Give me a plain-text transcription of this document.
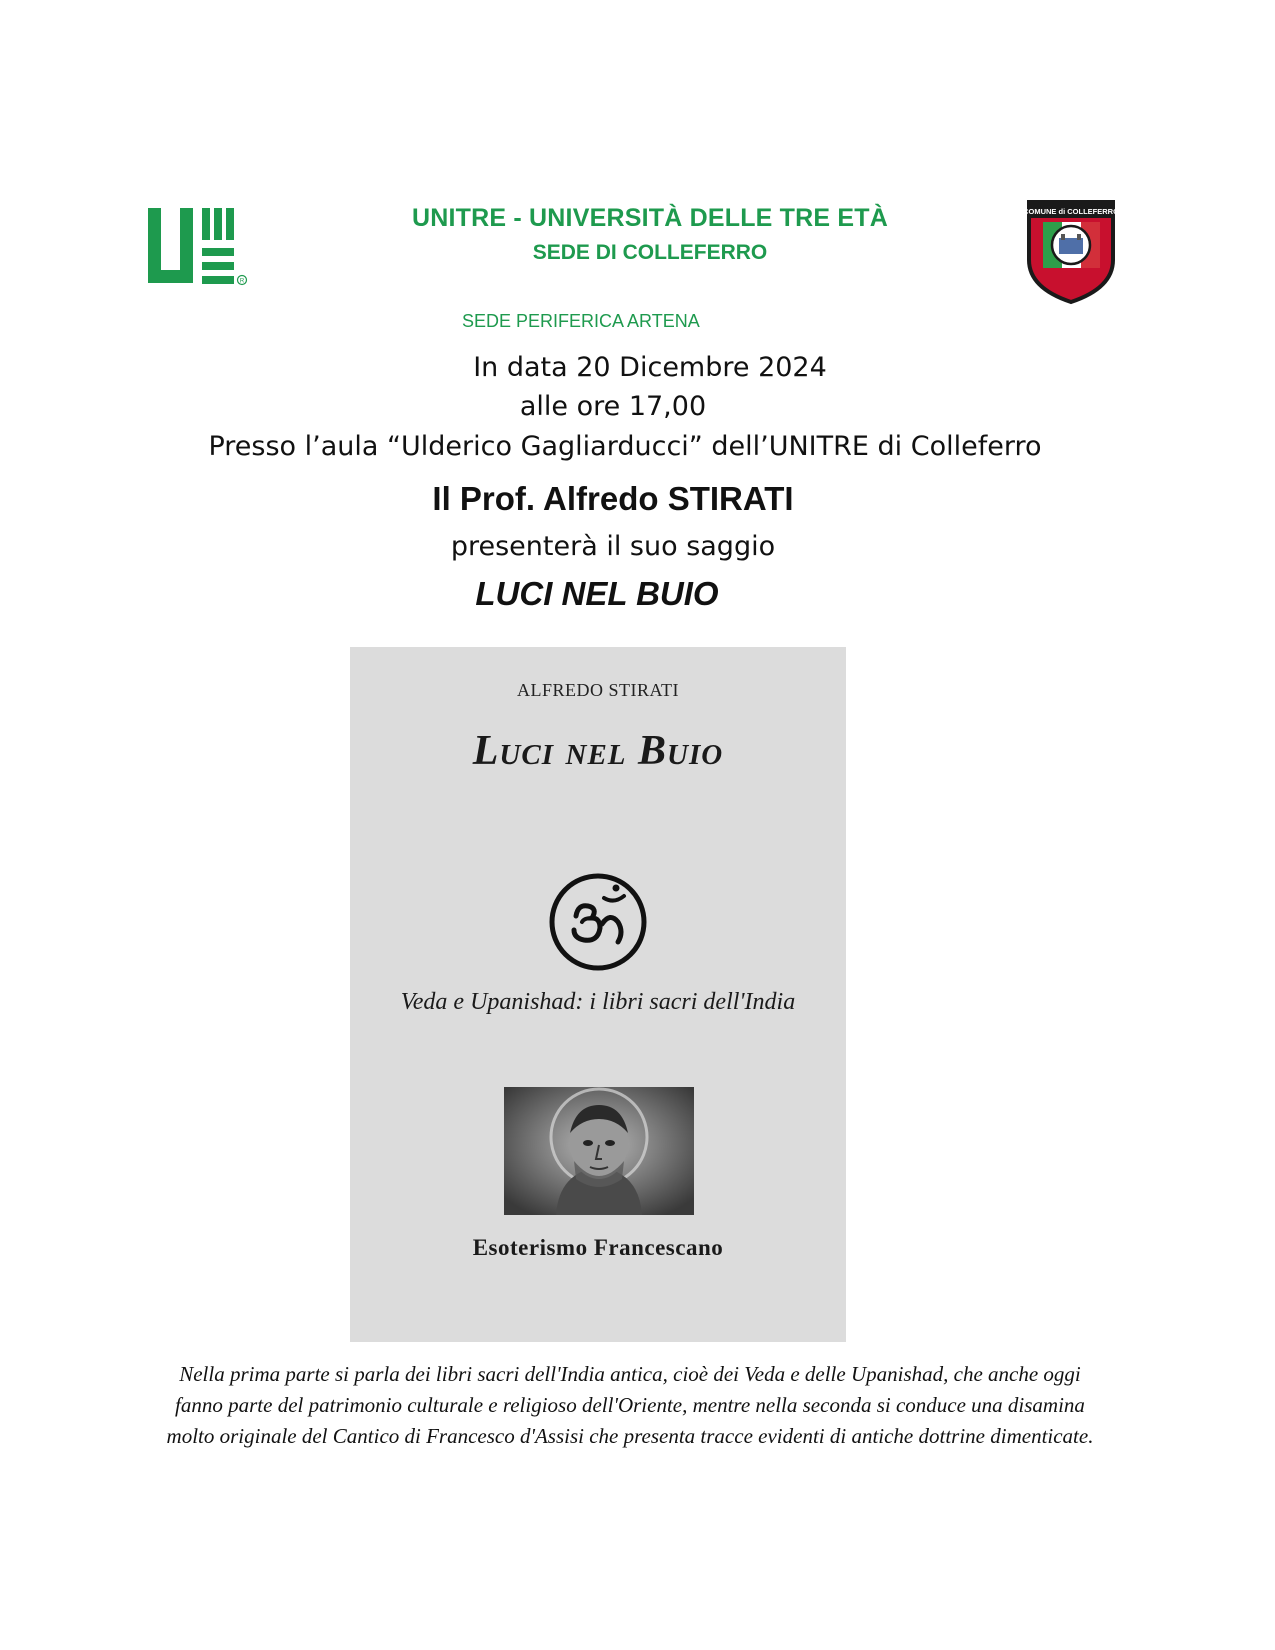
R
UNITRE - UNIVERSITÀ DELLE TRE ETÀ
SEDE DI COLLEFERRO
COMUNE di COLLEFERRO
SEDE PERIFERICA ARTENA
In data 20 Dicembre 2024
alle ore 17,00
Presso l’aula “Ulderico Gagliarducci” dell’UNITRE di Colleferro
Il Prof. Alfredo STIRATI
presenterà il suo saggio
LUCI NEL BUIO
ALFREDO STIRATI
Luci nel Buio
Veda e Upanishad: i libri sacri dell'India
Esoterismo Francescano
Nella prima parte si parla dei libri sacri dell'India antica, cioè dei Veda e delle Upanishad, che anche oggi
fanno parte del patrimonio culturale e religioso dell'Oriente, mentre nella seconda si conduce una disamina
molto originale del Cantico di Francesco d'Assisi che presenta tracce evidenti di antiche dottrine dimenticate.
